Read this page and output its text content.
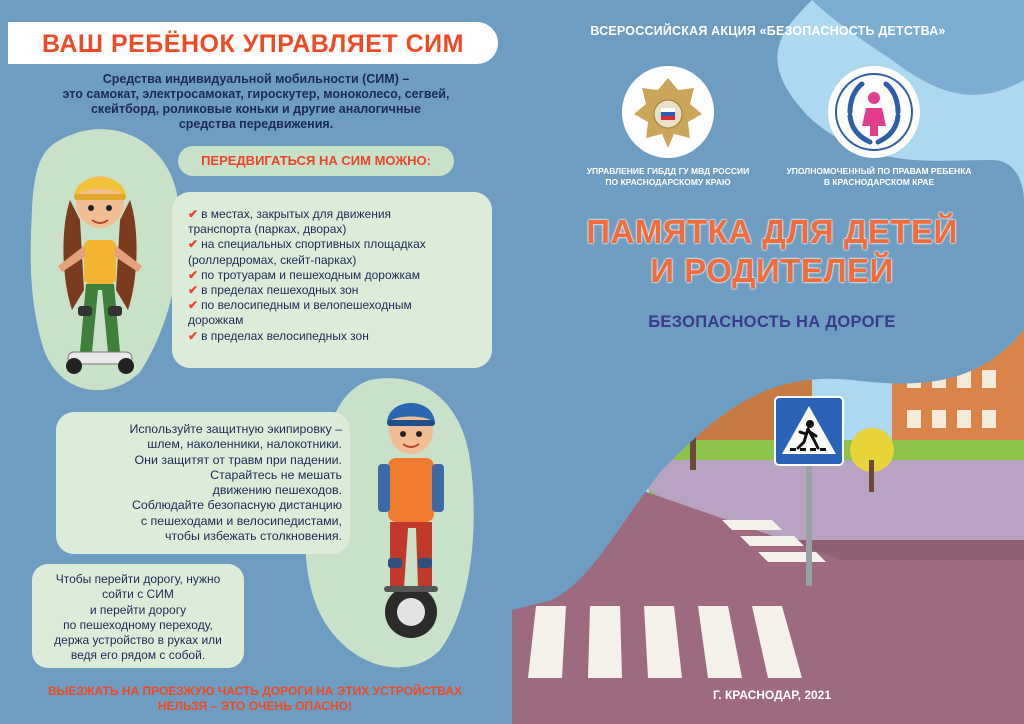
ВАШ РЕБЁНОК УПРАВЛЯЕТ СИМ
Средства индивидуальной мобильности (СИМ) –
это самокат, электросамокат, гироскутер, моноколесо, сегвей,
скейтборд, роликовые коньки и другие аналогичные
средства передвижения.
ПЕРЕДВИГАТЬСЯ НА СИМ МОЖНО:
✔ в местах, закрытых для движения
транспорта (парках, дворах)
✔ на специальных спортивных площадках
(роллердромах, скейт-парках)
✔ по тротуарам и пешеходным дорожкам
✔ в пределах пешеходных зон
✔ по велосипедным и велопешеходным
дорожкам
✔ в пределах велосипедных зон
Используйте защитную экипировку –
шлем, наколенники, налокотники.
Они защитят от травм при падении.
Старайтесь не мешать
движению пешеходов.
Соблюдайте безопасную дистанцию
с пешеходами и велосипедистами,
чтобы избежать столкновения.
Чтобы перейти дорогу, нужно
сойти с СИМ
и перейти дорогу
по пешеходному переходу,
держа устройство в руках или
ведя его рядом с собой.
ВЫЕЗЖАТЬ НА ПРОЕЗЖУЮ ЧАСТЬ ДОРОГИ НА ЭТИХ УСТРОЙСТВАХ
НЕЛЬЗЯ – ЭТО ОЧЕНЬ ОПАСНО!
ВСЕРОССИЙСКАЯ АКЦИЯ «БЕЗОПАСНОСТЬ ДЕТСТВА»
УПРАВЛЕНИЕ ГИБДД ГУ МВД РОССИИ
ПО КРАСНОДАРСКОМУ КРАЮ
УПОЛНОМОЧЕННЫЙ ПО ПРАВАМ РЕБЕНКА
В КРАСНОДАРСКОМ КРАЕ
ПАМЯТКА ДЛЯ ДЕТЕЙ
И РОДИТЕЛЕЙ
БЕЗОПАСНОСТЬ НА ДОРОГЕ
Г. КРАСНОДАР, 2021
